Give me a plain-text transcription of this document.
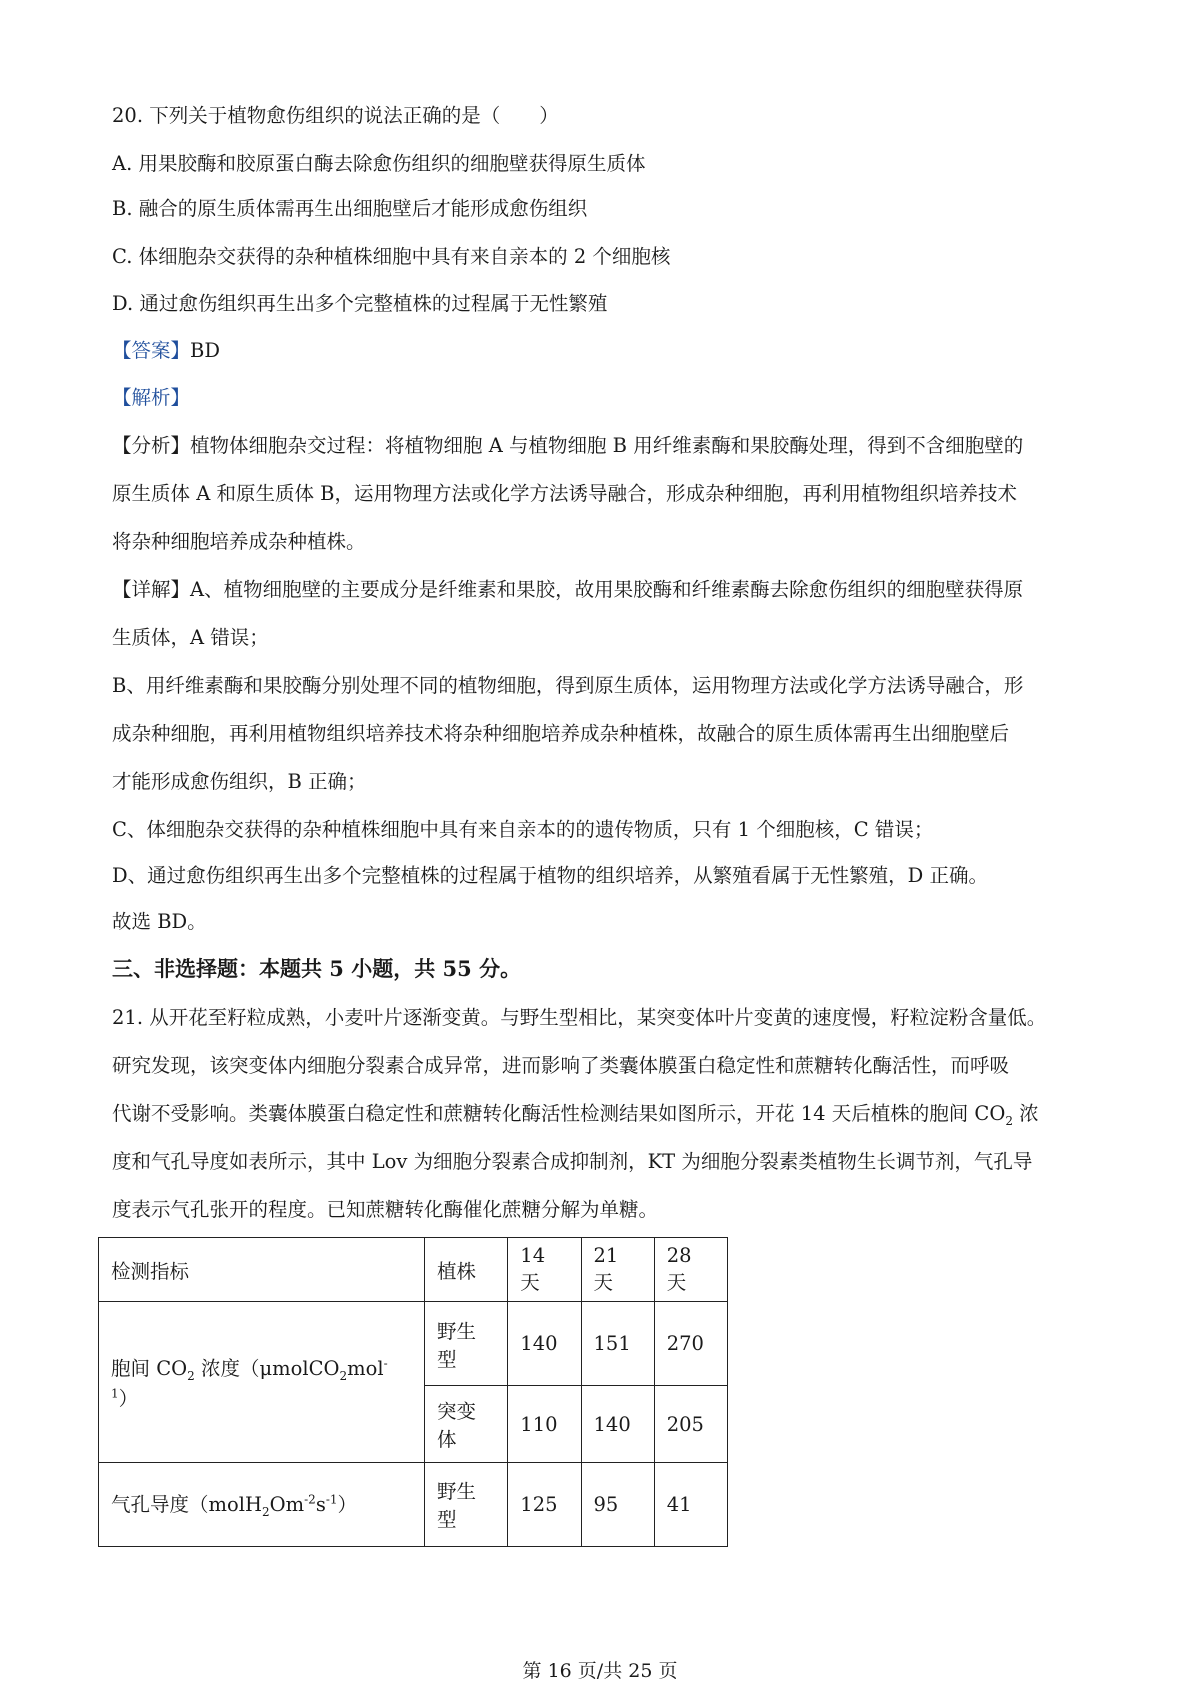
20. 下列关于植物愈伤组织的说法正确的是（　　）
A. 用果胶酶和胶原蛋白酶去除愈伤组织的细胞壁获得原生质体
B. 融合的原生质体需再生出细胞壁后才能形成愈伤组织
C. 体细胞杂交获得的杂种植株细胞中具有来自亲本的 2 个细胞核
D. 通过愈伤组织再生出多个完整植株的过程属于无性繁殖
【答案】BD
【解析】
【分析】植物体细胞杂交过程：将植物细胞 A 与植物细胞 B 用纤维素酶和果胶酶处理，得到不含细胞壁的
原生质体 A 和原生质体 B，运用物理方法或化学方法诱导融合，形成杂种细胞，再利用植物组织培养技术
将杂种细胞培养成杂种植株。
【详解】A、植物细胞壁的主要成分是纤维素和果胶，故用果胶酶和纤维素酶去除愈伤组织的细胞壁获得原
生质体，A 错误；
B、用纤维素酶和果胶酶分别处理不同的植物细胞，得到原生质体，运用物理方法或化学方法诱导融合，形
成杂种细胞，再利用植物组织培养技术将杂种细胞培养成杂种植株，故融合的原生质体需再生出细胞壁后
才能形成愈伤组织，B 正确；
C、体细胞杂交获得的杂种植株细胞中具有来自亲本的的遗传物质，只有 1 个细胞核，C 错误；
D、通过愈伤组织再生出多个完整植株的过程属于植物的组织培养，从繁殖看属于无性繁殖，D 正确。
故选 BD。
三、非选择题：本题共 5 小题，共 55 分。
21. 从开花至籽粒成熟，小麦叶片逐渐变黄。与野生型相比，某突变体叶片变黄的速度慢，籽粒淀粉含量低。
研究发现，该突变体内细胞分裂素合成异常，进而影响了类囊体膜蛋白稳定性和蔗糖转化酶活性，而呼吸
代谢不受影响。类囊体膜蛋白稳定性和蔗糖转化酶活性检测结果如图所示，开花 14 天后植株的胞间 $CO_2$ 浓
度和气孔导度如表所示，其中 Lov 为细胞分裂素合成抑制剂，KT 为细胞分裂素类植物生长调节剂，气孔导
度表示气孔张开的程度。已知蔗糖转化酶催化蔗糖分解为单糖。
检测指标	植株	14 天	21 天	28 天
胞间 $CO_2$ 浓度（μmolCO$_2$mol$^{-1}$）	野生型	140	151	270
	突变体	110	140	205
气孔导度$(molH_2Om^{-2}s^{-1})$	野生型	125	95	41
第 16 页/共 25 页
